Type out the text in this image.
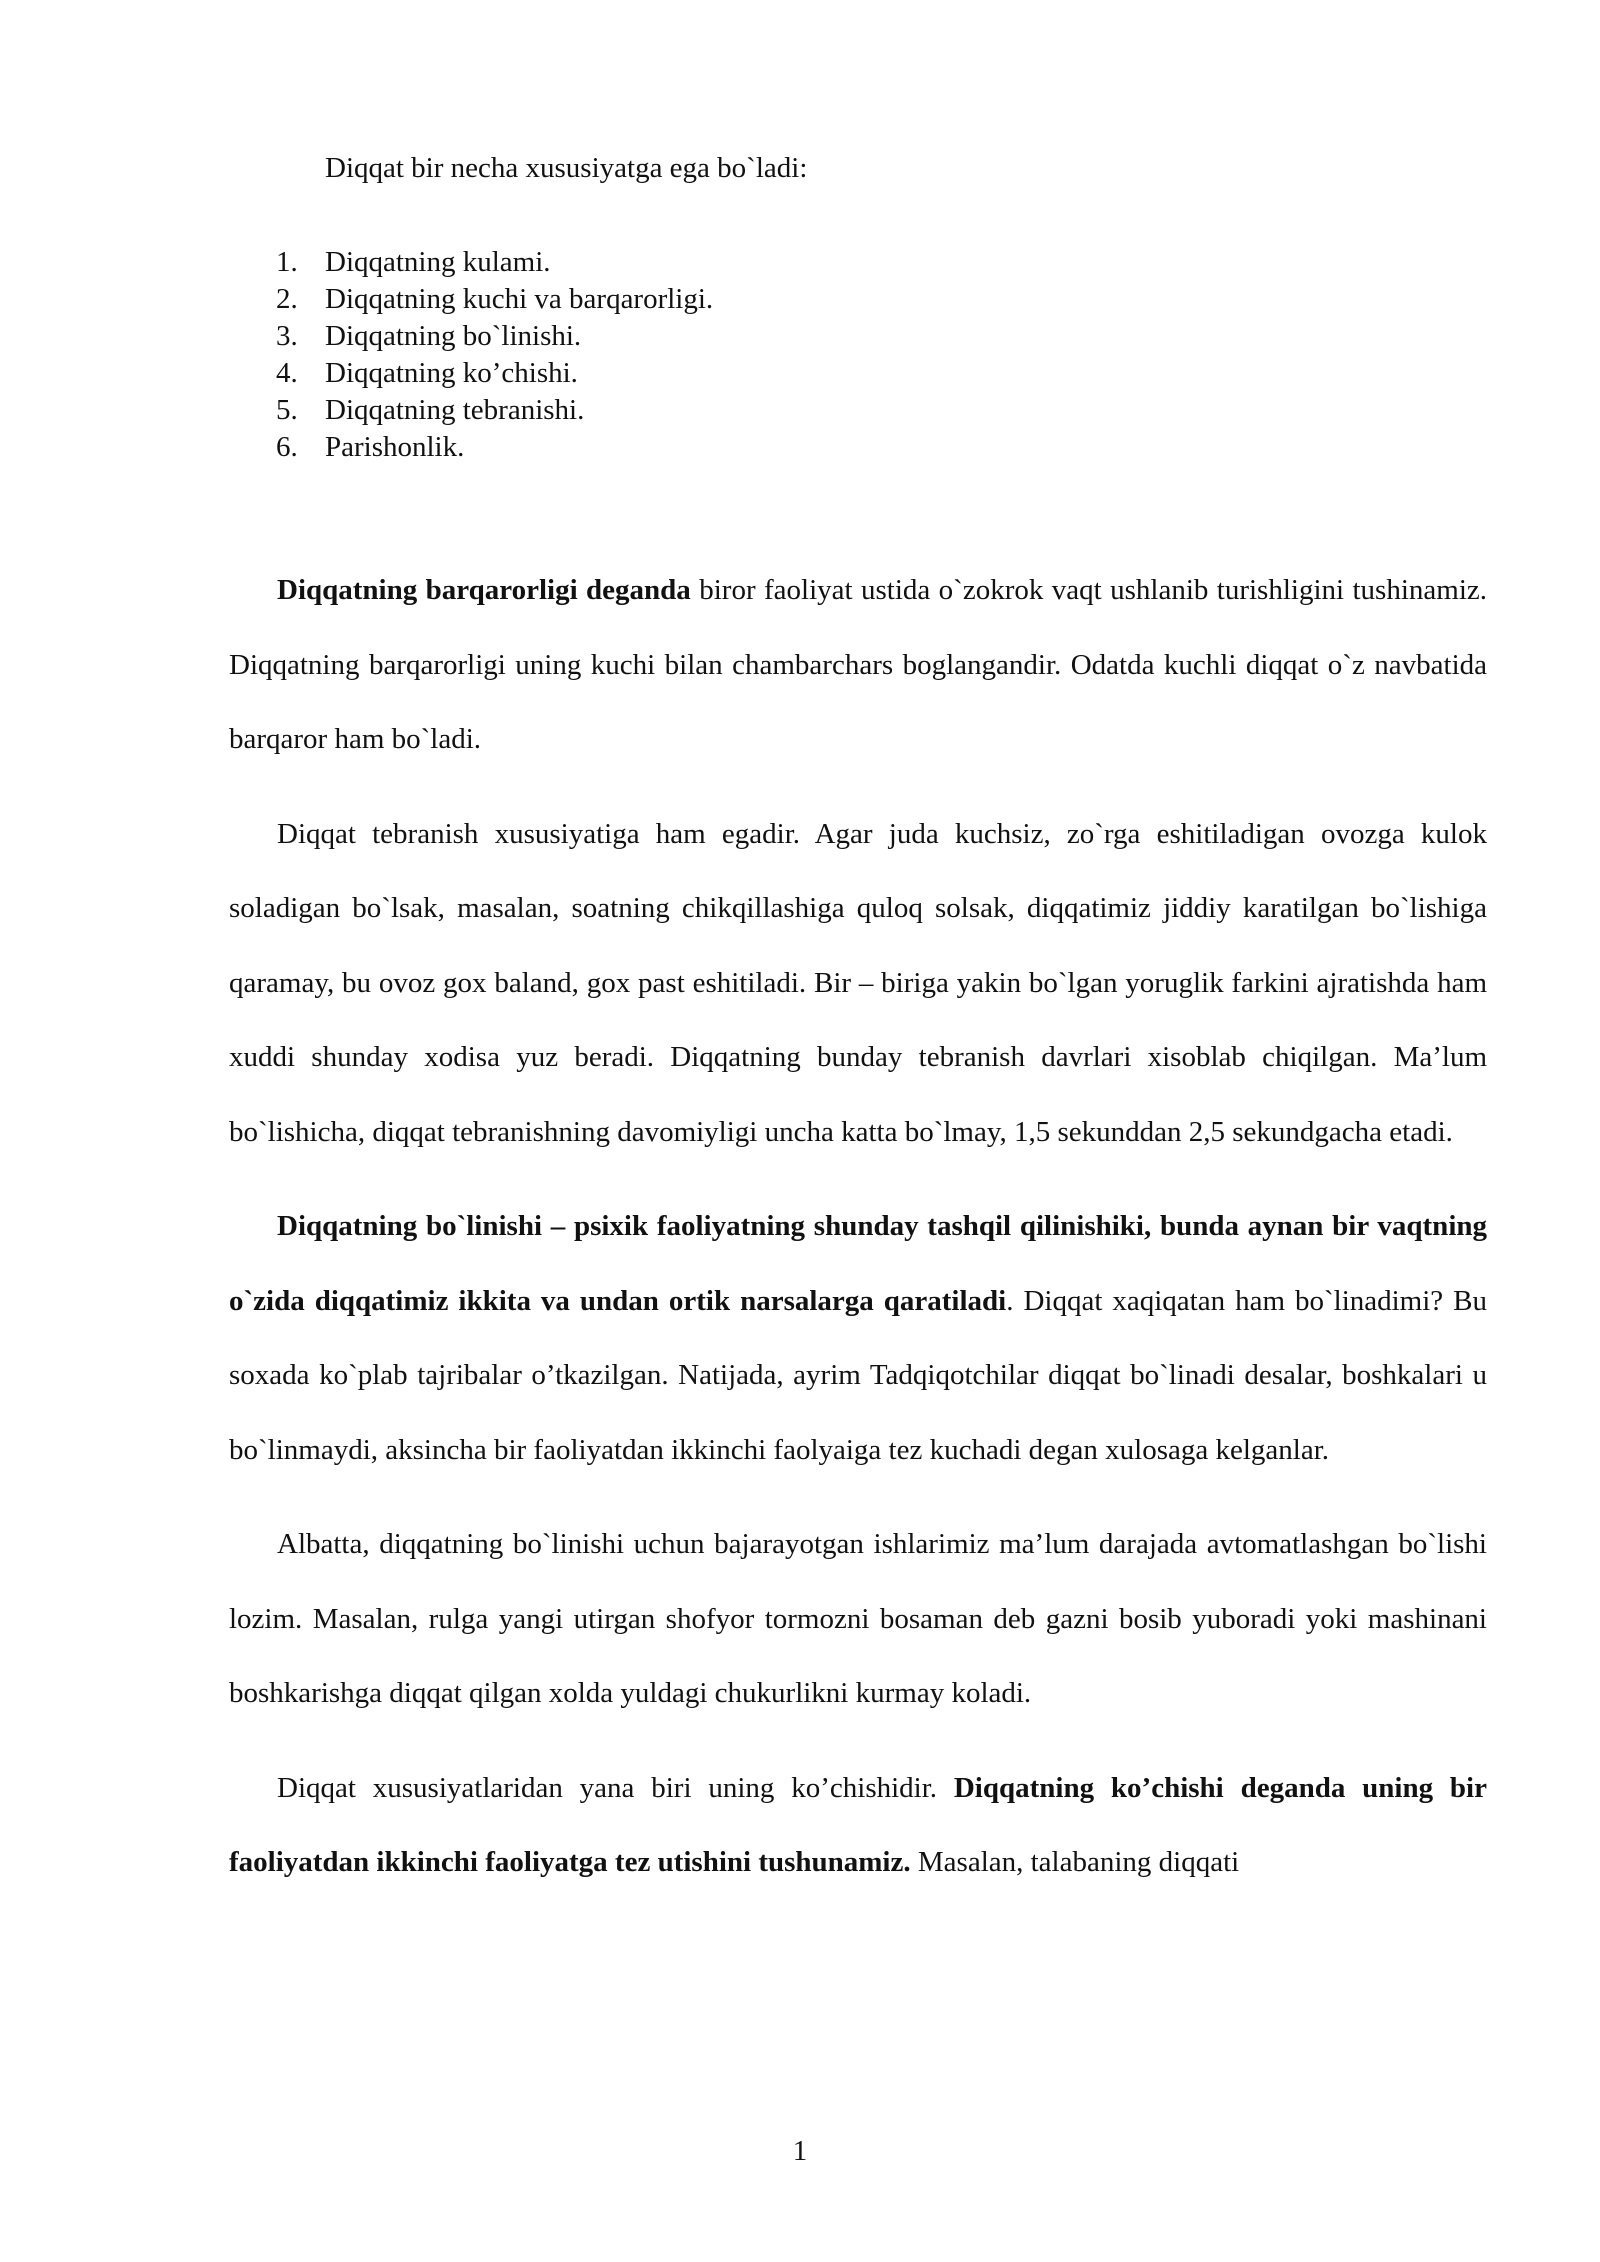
Diqqat bir necha xususiyatga ega bo`ladi:

1. Diqqatning kulami.
2. Diqqatning kuchi va barqarorligi.
3. Diqqatning bo`linishi.
4. Diqqatning ko’chishi.
5. Diqqatning tebranishi.
6. Parishonlik.

Diqqatning barqarorligi deganda biror faoliyat ustida o`zokrok vaqt ushlanib turishligini tushinamiz. Diqqatning barqarorligi uning kuchi bilan chambarchars boglangandir. Odatda kuchli diqqat o`z navbatida barqaror ham bo`ladi.

Diqqat tebranish xususiyatiga ham egadir. Agar juda kuchsiz, zo`rga eshitiladigan ovozga kulok soladigan bo`lsak, masalan, soatning chikqillashiga quloq solsak, diqqatimiz jiddiy karatilgan bo`lishiga qaramay, bu ovoz gox baland, gox past eshitiladi. Bir – biriga yakin bo`lgan yoruglik farkini ajratishda ham xuddi shunday xodisa yuz beradi. Diqqatning bunday tebranish davrlari xisoblab chiqilgan. Ma’lum bo`lishicha, diqqat tebranishning davomiyligi uncha katta bo`lmay, 1,5 sekunddan 2,5 sekundgacha etadi.

Diqqatning bo`linishi – psixik faoliyatning shunday tashqil qilinishiki, bunda aynan bir vaqtning o`zida diqqatimiz ikkita va undan ortik narsalarga qaratiladi. Diqqat xaqiqatan ham bo`linadimi? Bu soxada ko`plab tajribalar o’tkazilgan. Natijada, ayrim Tadqiqotchilar diqqat bo`linadi desalar, boshkalari u bo`linmaydi, aksincha bir faoliyatdan ikkinchi faolyaiga tez kuchadi degan xulosaga kelganlar.

Albatta, diqqatning bo`linishi uchun bajarayotgan ishlarimiz ma’lum darajada avtomatlashgan bo`lishi lozim. Masalan, rulga yangi utirgan shofyor tormozni bosaman deb gazni bosib yuboradi yoki mashinani boshkarishga diqqat qilgan xolda yuldagi chukurlikni kurmay koladi.

Diqqat xususiyatlaridan yana biri uning ko’chishidir. Diqqatning ko’chishi deganda uning bir faoliyatdan ikkinchi faoliyatga tez utishini tushunamiz. Masalan, talabaning diqqati

1
